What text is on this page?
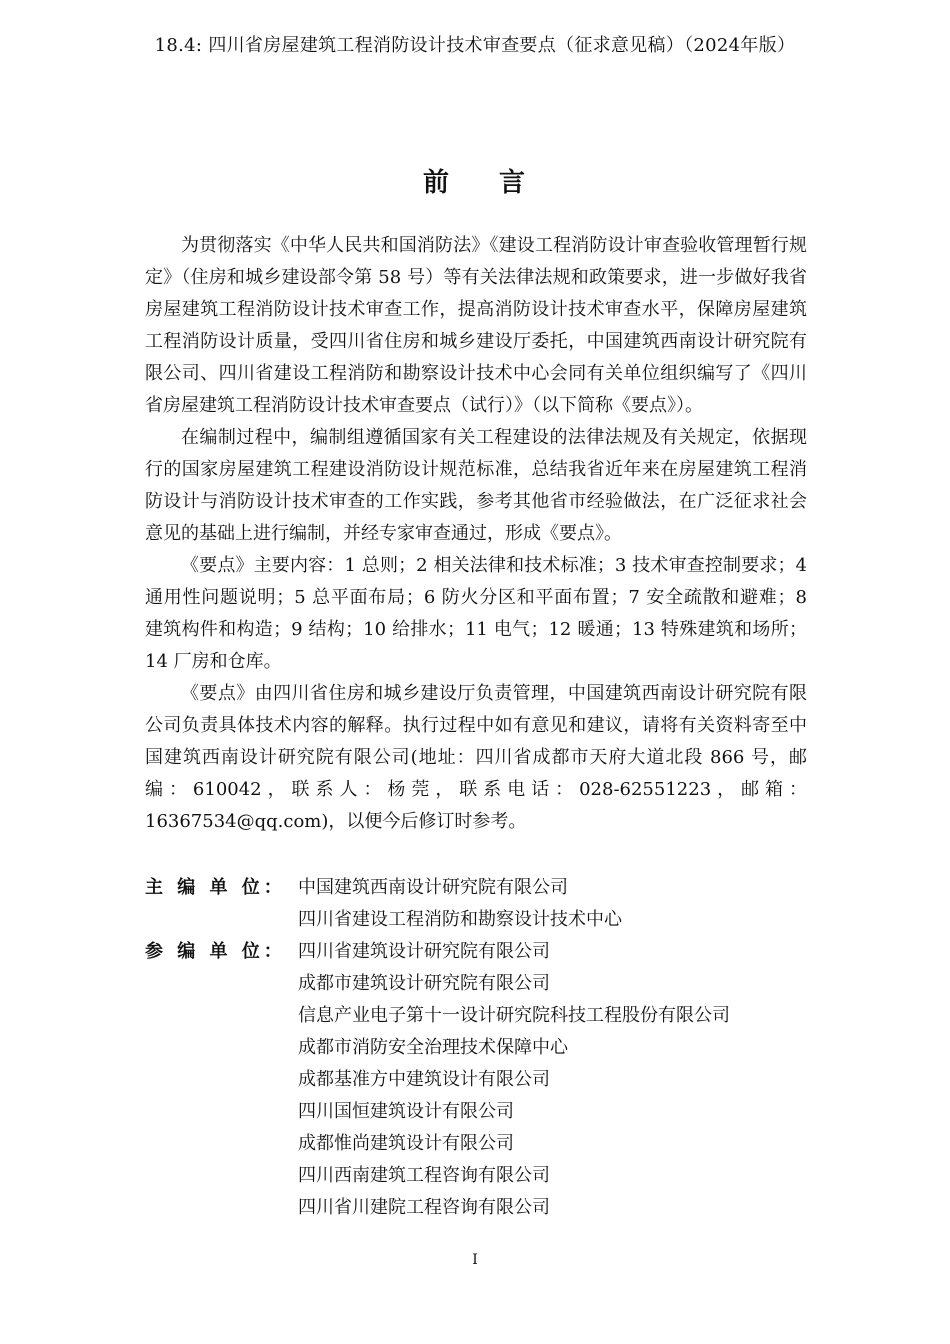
18.4: 四川省房屋建筑工程消防设计技术审查要点（征求意见稿）（2024年版）
前 言

为贯彻落实《中华人民共和国消防法》《建设工程消防设计审查验收管理暂行规定》（住房和城乡建设部令第 58 号）等有关法律法规和政策要求，进一步做好我省房屋建筑工程消防设计技术审查工作，提高消防设计技术审查水平，保障房屋建筑工程消防设计质量，受四川省住房和城乡建设厅委托，中国建筑西南设计研究院有限公司、四川省建设工程消防和勘察设计技术中心会同有关单位组织编写了《四川省房屋建筑工程消防设计技术审查要点（试行）》（以下简称《要点》）。

在编制过程中，编制组遵循国家有关工程建设的法律法规及有关规定，依据现行的国家房屋建筑工程建设消防设计规范标准，总结我省近年来在房屋建筑工程消防设计与消防设计技术审查的工作实践，参考其他省市经验做法，在广泛征求社会意见的基础上进行编制，并经专家审查通过，形成《要点》。

《要点》主要内容：1 总则；2 相关法律和技术标准；3 技术审查控制要求；4 通用性问题说明；5 总平面布局；6 防火分区和平面布置；7 安全疏散和避难；8 建筑构件和构造；9 结构；10 给排水；11 电气；12 暖通；13 特殊建筑和场所；14 厂房和仓库。

《要点》由四川省住房和城乡建设厅负责管理，中国建筑西南设计研究院有限公司负责具体技术内容的解释。执行过程中如有意见和建议，请将有关资料寄至中国建筑西南设计研究院有限公司(地址：四川省成都市天府大道北段 866 号，邮编：610042，联系人：杨莞，联系电话：028-62551223，邮箱：16367534@qq.com)，以便今后修订时参考。

主 编 单 位： 中国建筑西南设计研究院有限公司
四川省建设工程消防和勘察设计技术中心
参 编 单 位： 四川省建筑设计研究院有限公司
成都市建筑设计研究院有限公司
信息产业电子第十一设计研究院科技工程股份有限公司
成都市消防安全治理技术保障中心
成都基准方中建筑设计有限公司
四川国恒建筑设计有限公司
成都惟尚建筑设计有限公司
四川西南建筑工程咨询有限公司
四川省川建院工程咨询有限公司
I
